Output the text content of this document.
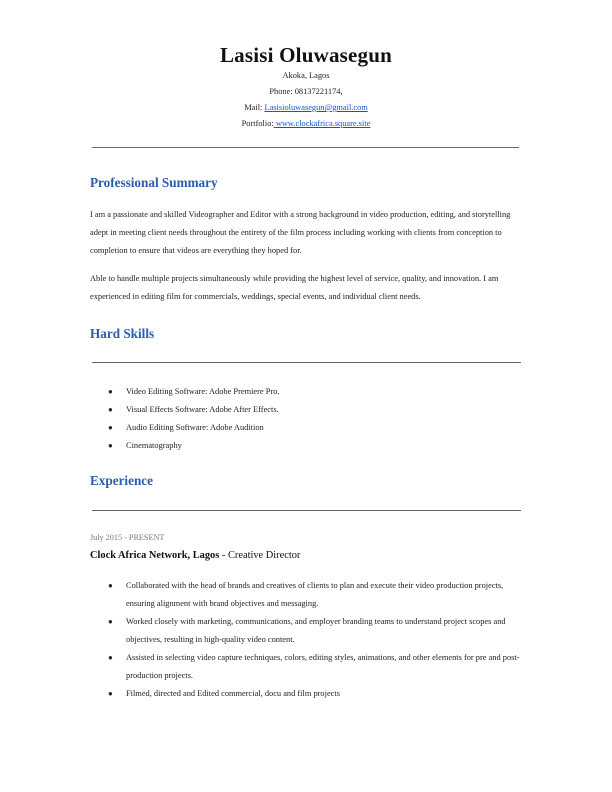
Lasisi Oluwasegun
Akoka, Lagos
Phone: 08137221174,
Mail: Lasisioluwasegun@gmail.com
Portfolio: www.clockafrica.square.site
Professional Summary
I am a passionate and skilled Videographer and Editor with a strong background in video production, editing, and storytelling adept in meeting client needs throughout the entirety of the film process including working with clients from conception to completion to ensure that videos are everything they hoped for.
Able to handle multiple projects simultaneously while providing the highest level of service, quality, and innovation. I am experienced in editing film for commercials, weddings, special events, and individual client needs.
Hard Skills
● Video Editing Software: Adobe Premiere Pro.
● Visual Effects Software: Adobe After Effects.
● Audio Editing Software: Adobe Audition
● Cinematography
Experience
July 2015 - PRESENT
Clock Africa Network, Lagos - Creative Director
● Collaborated with the head of brands and creatives of clients to plan and execute their video production projects, ensuring alignment with brand objectives and messaging.
● Worked closely with marketing, communications, and employer branding teams to understand project scopes and objectives, resulting in high-quality video content.
● Assisted in selecting video capture techniques, colors, editing styles, animations, and other elements for pre and post-production projects.
● Filmed, directed and Edited commercial, docu and film projects
